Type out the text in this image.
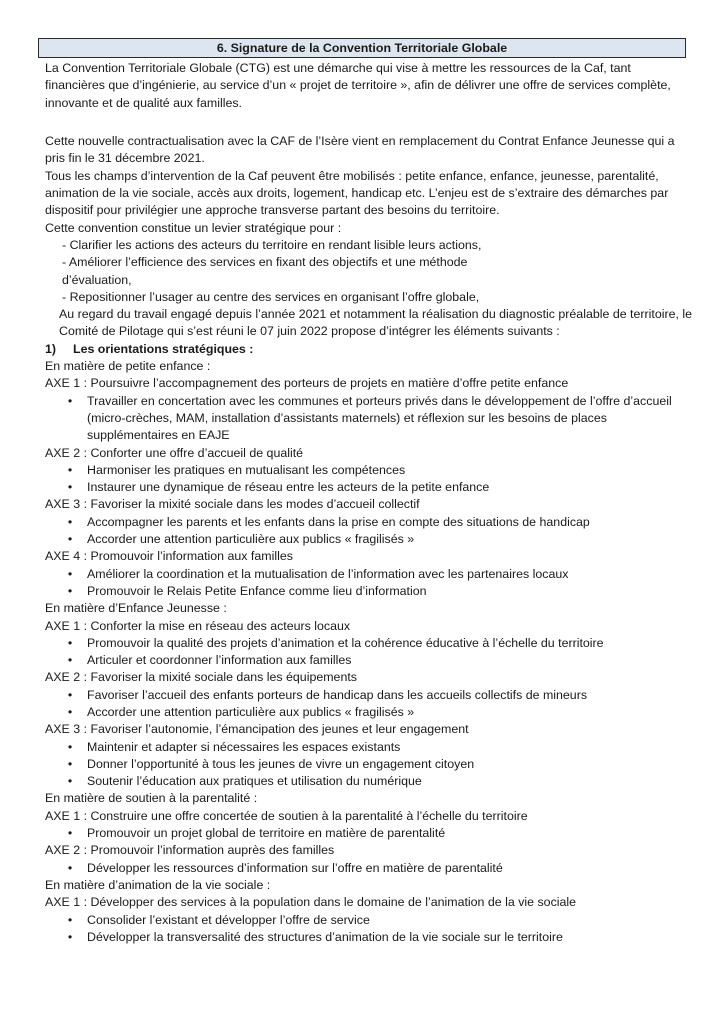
6. Signature de la Convention Territoriale Globale

La Convention Territoriale Globale (CTG) est une démarche qui vise à mettre les ressources de la Caf, tant financières que d’ingénierie, au service d’un « projet de territoire », afin de délivrer une offre de services complète, innovante et de qualité aux familles.

Cette nouvelle contractualisation avec la CAF de l’Isère vient en remplacement du Contrat Enfance Jeunesse qui a pris fin le 31 décembre 2021.

Tous les champs d’intervention de la Caf peuvent être mobilisés : petite enfance, enfance, jeunesse, parentalité, animation de la vie sociale, accès aux droits, logement, handicap etc. L’enjeu est de s’extraire des démarches par dispositif pour privilégier une approche transverse partant des besoins du territoire.

Cette convention constitue un levier stratégique pour :

- Clarifier les actions des acteurs du territoire en rendant lisible leurs actions,

- Améliorer l’efficience des services en fixant des objectifs et une méthode

d’évaluation,

- Repositionner l’usager au centre des services en organisant l’offre globale,

Au regard du travail engagé depuis l’année 2021 et notamment la réalisation du diagnostic préalable de territoire, le Comité de Pilotage qui s’est réuni le 07 juin 2022 propose d’intégrer les éléments suivants :

1) Les orientations stratégiques :

En matière de petite enfance :

AXE 1 : Poursuivre l’accompagnement des porteurs de projets en matière d’offre petite enfance

•	Travailler en concertation avec les communes et porteurs privés dans le développement de l’offre d’accueil (micro-crèches, MAM, installation d’assistants maternels) et réflexion sur les besoins de places supplémentaires en EAJE

AXE 2 : Conforter une offre d’accueil de qualité

•	Harmoniser les pratiques en mutualisant les compétences
•	Instaurer une dynamique de réseau entre les acteurs de la petite enfance

AXE 3 : Favoriser la mixité sociale dans les modes d’accueil collectif

•	Accompagner les parents et les enfants dans la prise en compte des situations de handicap
•	Accorder une attention particulière aux publics « fragilisés »

AXE 4 : Promouvoir l’information aux familles

•	Améliorer la coordination et la mutualisation de l’information avec les partenaires locaux
•	Promouvoir le Relais Petite Enfance comme lieu d’information

En matière d’Enfance Jeunesse :

AXE 1 : Conforter la mise en réseau des acteurs locaux

•	Promouvoir la qualité des projets d’animation et la cohérence éducative à l’échelle du territoire
•	Articuler et coordonner l’information aux familles

AXE 2 : Favoriser la mixité sociale dans les équipements

•	Favoriser l’accueil des enfants porteurs de handicap dans les accueils collectifs de mineurs
•	Accorder une attention particulière aux publics « fragilisés »

AXE 3 : Favoriser l’autonomie, l’émancipation des jeunes et leur engagement

•	Maintenir et adapter si nécessaires les espaces existants
•	Donner l’opportunité à tous les jeunes de vivre un engagement citoyen
•	Soutenir l’éducation aux pratiques et utilisation du numérique

En matière de soutien à la parentalité :

AXE 1 : Construire une offre concertée de soutien à la parentalité à l’échelle du territoire

•	Promouvoir un projet global de territoire en matière de parentalité

AXE 2 : Promouvoir l’information auprès des familles

•	Développer les ressources d’information sur l’offre en matière de parentalité

En matière d’animation de la vie sociale :

AXE 1 : Développer des services à la population dans le domaine de l’animation de la vie sociale

•	Consolider l’existant et développer l’offre de service
•	Développer la transversalité des structures d’animation de la vie sociale sur le territoire
